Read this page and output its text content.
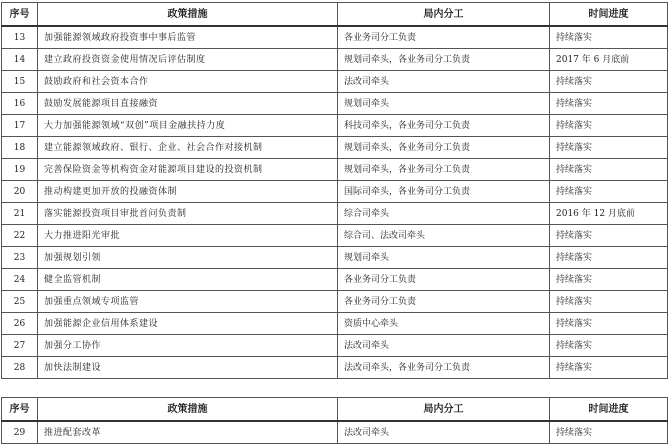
序号	政策措施	局内分工	时间进度
13	加强能源领域政府投资事中事后监管	各业务司分工负责	持续落实
14	建立政府投资资金使用情况后评估制度	规划司牵头，各业务司分工负责	2017 年 6 月底前
15	鼓励政府和社会资本合作	法改司牵头	持续落实
16	鼓励发展能源项目直接融资	规划司牵头	持续落实
17	大力加强能源领域“双创”项目金融扶持力度	科技司牵头，各业务司分工负责	持续落实
18	建立能源领域政府、银行、企业、社会合作对接机制	规划司牵头，各业务司分工负责	持续落实
19	完善保险资金等机构资金对能源项目建设的投资机制	规划司牵头，各业务司分工负责	持续落实
20	推动构建更加开放的投融资体制	国际司牵头，各业务司分工负责	持续落实
21	落实能源投资项目审批首问负责制	综合司牵头	2016 年 12 月底前
22	大力推进阳光审批	综合司、法改司牵头	持续落实
23	加强规划引领	规划司牵头	持续落实
24	健全监管机制	各业务司分工负责	持续落实
25	加强重点领域专项监管	各业务司分工负责	持续落实
26	加强能源企业信用体系建设	资质中心牵头	持续落实
27	加强分工协作	法改司牵头	持续落实
28	加快法制建设	法改司牵头，各业务司分工负责	持续落实
序号	政策措施	局内分工	时间进度
29	推进配套改革	法改司牵头	持续落实
